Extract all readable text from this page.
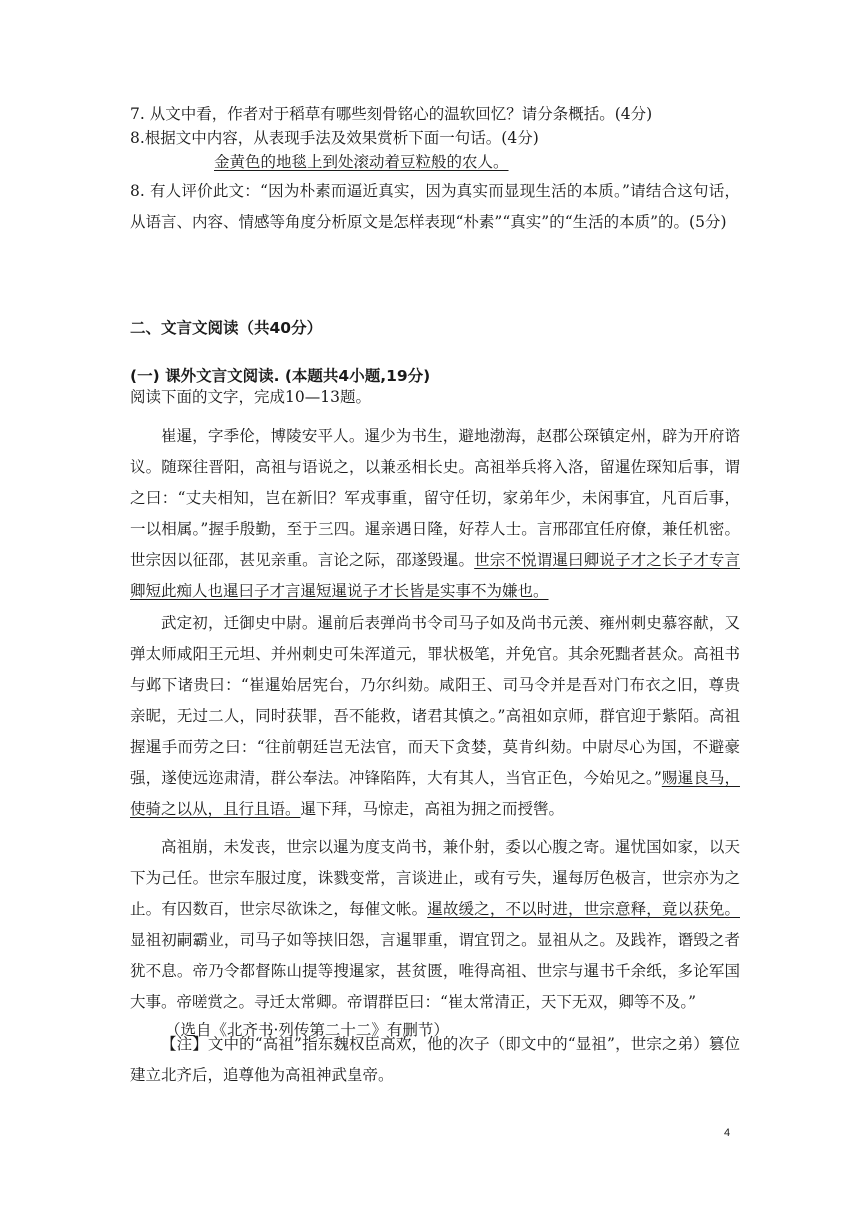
7. 从文中看，作者对于稻草有哪些刻骨铭心的温软回忆？请分条概括。(4分)
8.根据文中内容，从表现手法及效果赏析下面一句话。(4分)
金黄色的地毯上到处滚动着豆粒般的农人。

8. 有人评价此文：“因为朴素而逼近真实，因为真实而显现生活的本质。”请结合这句话，从语言、内容、情感等角度分析原文是怎样表现“朴素”“真实”的“生活的本质”的。(5分)

二、文言文阅读（共40分）
(一) 课外文言文阅读. (本题共4小题,19分)
阅读下面的文字，完成10—13题。

崔暹，字季伦，博陵安平人。暹少为书生，避地渤海，赵郡公琛镇定州，辟为开府谘议。随琛往晋阳，高祖与语说之，以兼丞相长史。高祖举兵将入洛，留暹佐琛知后事，谓之曰：“丈夫相知，岂在新旧？军戎事重，留守任切，家弟年少，未闲事宜，凡百后事，一以相属。”握手殷勤，至于三四。暹亲遇日隆，好荐人士。言邢邵宜任府僚，兼任机密。世宗因以征邵，甚见亲重。言论之际，邵遂毁暹。世宗不悦谓暹曰卿说子才之长子才专言卿短此痴人也暹曰子才言暹短暹说子才长皆是实事不为嫌也。

武定初，迁御史中尉。暹前后表弹尚书令司马子如及尚书元羡、雍州刺史慕容献，又弹太师咸阳王元坦、并州刺史可朱浑道元，罪状极笔，并免官。其余死黜者甚众。高祖书与邺下诸贵曰：“崔暹始居宪台，乃尔纠劾。咸阳王、司马令并是吾对门布衣之旧，尊贵亲昵，无过二人，同时获罪，吾不能救，诸君其慎之。”高祖如京师，群官迎于紫陌。高祖握暹手而劳之曰：“往前朝廷岂无法官，而天下贪婪，莫肯纠劾。中尉尽心为国，不避豪强，遂使远迩肃清，群公奉法。冲锋陷阵，大有其人，当官正色，今始见之。”赐暹良马，使骑之以从，且行且语。暹下拜，马惊走，高祖为拥之而授辔。

高祖崩，未发丧，世宗以暹为度支尚书，兼仆射，委以心腹之寄。暹忧国如家，以天下为己任。世宗车服过度，诛戮变常，言谈进止，或有亏失，暹每厉色极言，世宗亦为之止。有囚数百，世宗尽欲诛之，每催文帐。暹故缓之，不以时进，世宗意释，竟以获免。显祖初嗣霸业，司马子如等挟旧怨，言暹罪重，谓宜罚之。显祖从之。及践祚，谮毁之者犹不息。帝乃令都督陈山提等搜暹家，甚贫匮，唯得高祖、世宗与暹书千余纸，多论军国大事。帝嗟赏之。寻迁太常卿。帝谓群臣曰：“崔太常清正，天下无双，卿等不及。”

（选自《北齐书·列传第二十二》有删节）

【注】文中的“高祖”指东魏权臣高欢，他的次子（即文中的“显祖”，世宗之弟）篡位建立北齐后，追尊他为高祖神武皇帝。

4
